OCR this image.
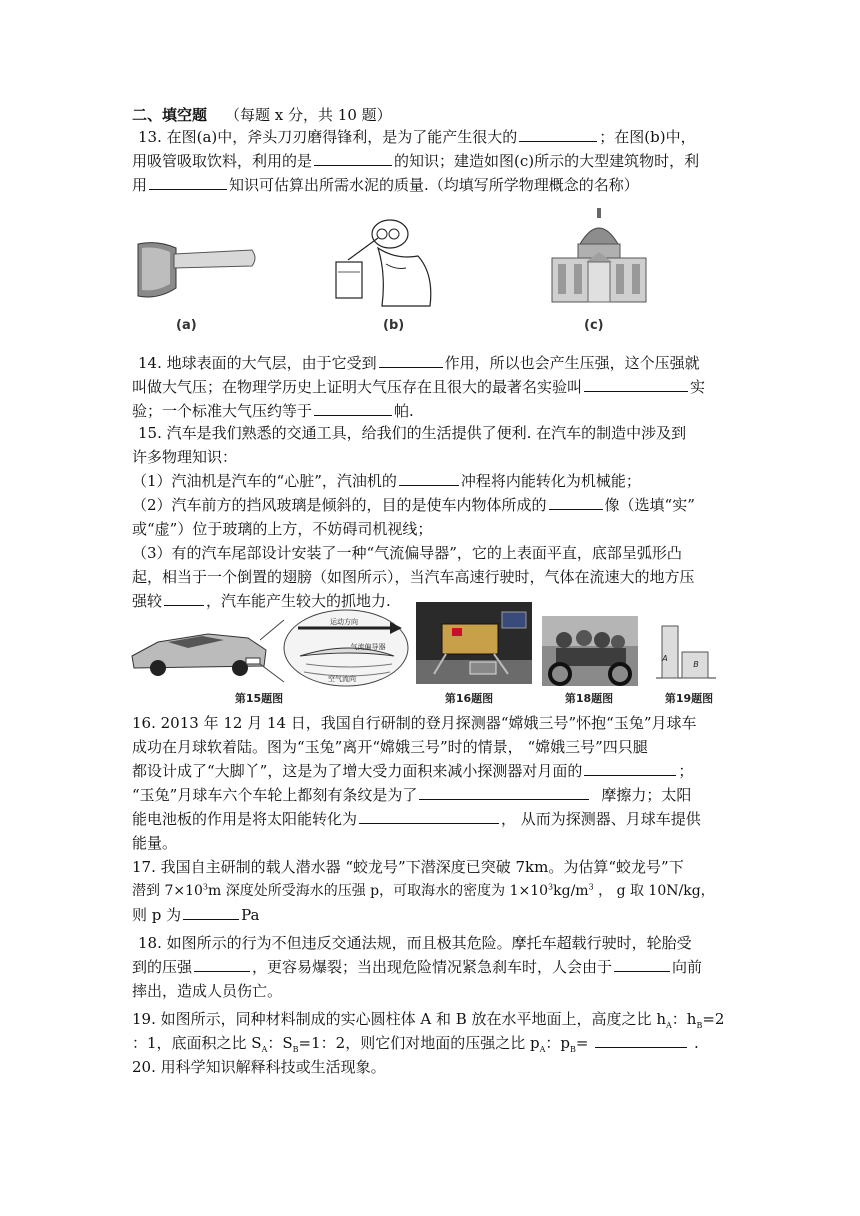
二、填空题 （每题 x 分，共 10 题）
13. 在图(a)中，斧头刀刃磨得锋利，是为了能产生很大的	；在图(b)中，
用吸管吸取饮料，利用的是	的知识；建造如图(c)所示的大型建筑物时，利
用	知识可估算出所需水泥的质量.（均填写所学物理概念的名称）
(a)	(b)	(c)
14. 地球表面的大气层，由于它受到	作用，所以也会产生压强，这个压强就
叫做大气压；在物理学历史上证明大气压存在且很大的最著名实验叫	实
验；一个标准大气压约等于	帕.
15. 汽车是我们熟悉的交通工具，给我们的生活提供了便利. 在汽车的制造中涉及到
许多物理知识：
（1）汽油机是汽车的“心脏”，汽油机的	冲程将内能转化为机械能；
（2）汽车前方的挡风玻璃是倾斜的，目的是使车内物体所成的	像（选填“实”
或“虚”）位于玻璃的上方，不妨碍司机视线；
（3）有的汽车尾部设计安装了一种“气流偏导器”，它的上表面平直，底部呈弧形凸
起，相当于一个倒置的翅膀（如图所示），当汽车高速行驶时，气体在流速大的地方压
强较	，汽车能产生较大的抓地力.
运动方向
气流偏导器
空气流向
A
B
第15题图	第16题图	第18题图	第19题图
16. 2013 年 12 月 14 日，我国自行研制的登月探测器“嫦娥三号”怀抱“玉兔”月球车
成功在月球软着陆。图为“玉兔”离开“嫦娥三号”时的情景， “嫦娥三号”四只腿
都设计成了“大脚丫”，这是为了增大受力面积来减小探测器对月面的	；
“玉兔”月球车六个车轮上都刻有条纹是为了	摩擦力；太阳
能电池板的作用是将太阳能转化为	， 从而为探测器、月球车提供
能量。
17. 我国自主研制的载人潜水器 “蛟龙号”下潜深度已突破 7km。为估算“蛟龙号”下
潜到 $7\times 10^3m$ 深度处所受海水的压强 p，可取海水的密度为 $1\times 10^3kg/m^3$ ， g 取 10N/kg，
则 p 为	Pa
18. 如图所示的行为不但违反交通法规，而且极其危险。摩托车超载行驶时，轮胎受
到的压强	，更容易爆裂；当出现危险情况紧急刹车时，人会由于	向前
摔出，造成人员伤亡。
19. 如图所示，同种材料制成的实心圆柱体 A 和 B 放在水平地面上，高度之比 $h_A$：$h_B=2$
：1，底面积之比 $S_A$：$S_B=1$：2，则它们对地面的压强之比 $p_A$：$p_B=$	.
20. 用科学知识解释科技或生活现象。
